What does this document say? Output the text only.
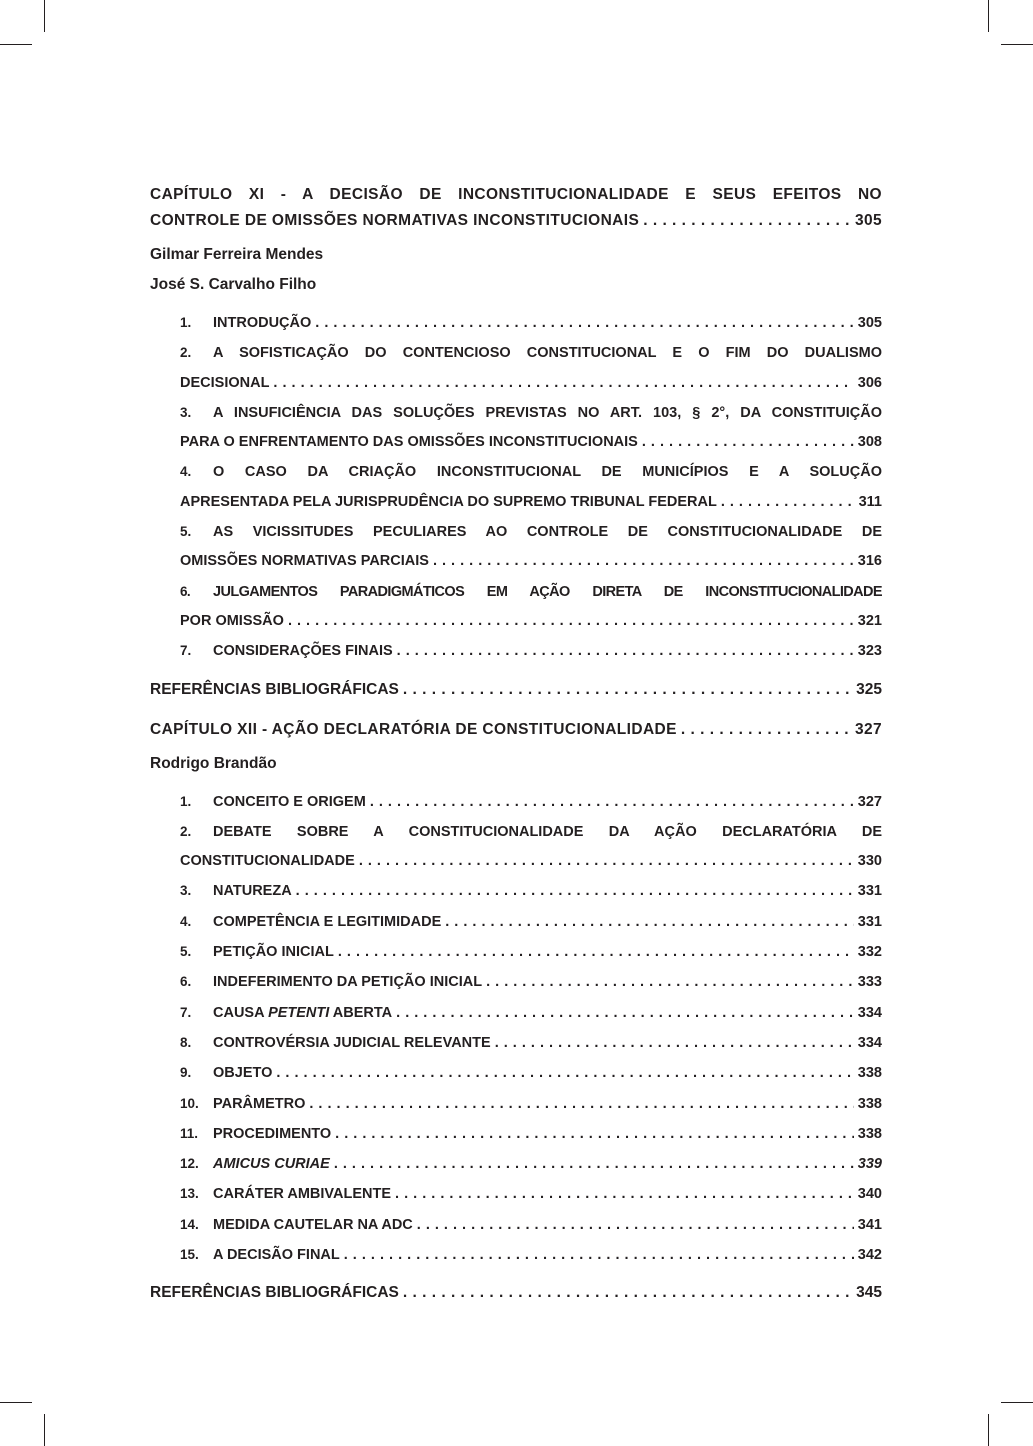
CAPÍTULO XI - A DECISÃO DE INCONSTITUCIONALIDADE E SEUS EFEITOS NO
CONTROLE DE OMISSÕES NORMATIVAS INCONSTITUCIONAIS . . .	305
Gilmar Ferreira Mendes
José S. Carvalho Filho
1.	INTRODUÇÃO . . .	305
2. A SOFISTICAÇÃO DO CONTENCIOSO CONSTITUCIONAL E O FIM DO DUALISMO
DECISIONAL . . .	306
3. A INSUFICIÊNCIA DAS SOLUÇÕES PREVISTAS NO ART. 103, § 2°, DA CONSTITUIÇÃO
PARA O ENFRENTAMENTO DAS OMISSÕES INCONSTITUCIONAIS . . .	308
4. O CASO DA CRIAÇÃO INCONSTITUCIONAL DE MUNICÍPIOS E A SOLUÇÃO
APRESENTADA PELA JURISPRUDÊNCIA DO SUPREMO TRIBUNAL FEDERAL . . .	311
5. AS VICISSITUDES PECULIARES AO CONTROLE DE CONSTITUCIONALIDADE DE
OMISSÕES NORMATIVAS PARCIAIS . . .	316
6. JULGAMENTOS PARADIGMÁTICOS EM AÇÃO DIRETA DE INCONSTITUCIONALIDADE
POR OMISSÃO . . .	321
7.	CONSIDERAÇÕES FINAIS . . .	323
REFERÊNCIAS BIBLIOGRÁFICAS . . .	325
CAPÍTULO XII - AÇÃO DECLARATÓRIA DE CONSTITUCIONALIDADE . . .	327
Rodrigo Brandão
1.	CONCEITO E ORIGEM . . .	327
2. DEBATE SOBRE A CONSTITUCIONALIDADE DA AÇÃO DECLARATÓRIA DE
CONSTITUCIONALIDADE . . .	330
3.	NATUREZA . . .	331
4.	COMPETÊNCIA E LEGITIMIDADE . . .	331
5.	PETIÇÃO INICIAL . . .	332
6.	INDEFERIMENTO DA PETIÇÃO INICIAL . . .	333
7.	CAUSA PETENTI ABERTA . . .	334
8.	CONTROVÉRSIA JUDICIAL RELEVANTE . . .	334
9.	OBJETO . . .	338
10. PARÂMETRO . . .	338
11.	PROCEDIMENTO . . .	338
12. AMICUS CURIAE . . .	339
13. CARÁTER AMBIVALENTE . . .	340
14. MEDIDA CAUTELAR NA ADC . . .	341
15. A DECISÃO FINAL . . .	342
REFERÊNCIAS BIBLIOGRÁFICAS . . .	345
